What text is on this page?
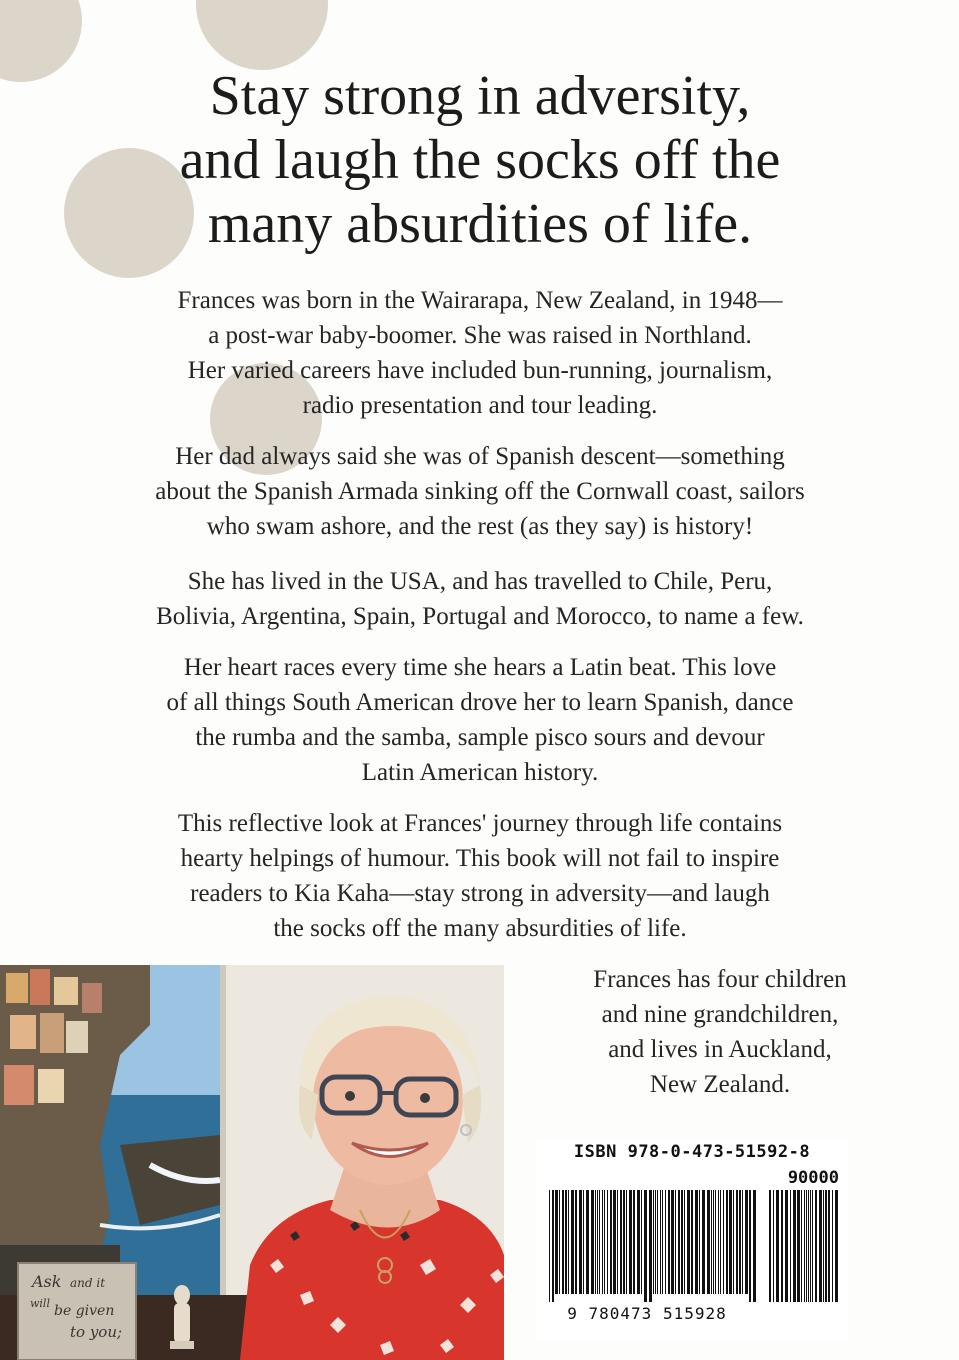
Stay strong in adversity,
and laugh the socks off the
many absurdities of life.
Frances was born in the Wairarapa, New Zealand, in 1948—
a post-war baby-boomer. She was raised in Northland.
Her varied careers have included bun-running, journalism,
radio presentation and tour leading.
Her dad always said she was of Spanish descent—something
about the Spanish Armada sinking off the Cornwall coast, sailors
who swam ashore, and the rest (as they say) is history!
She has lived in the USA, and has travelled to Chile, Peru,
Bolivia, Argentina, Spain, Portugal and Morocco, to name a few.
Her heart races every time she hears a Latin beat. This love
of all things South American drove her to learn Spanish, dance
the rumba and the samba, sample pisco sours and devour
Latin American history.
This reflective look at Frances' journey through life contains
hearty helpings of humour. This book will not fail to inspire
readers to Kia Kaha—stay strong in adversity—and laugh
the socks off the many absurdities of life.
Frances has four children
and nine grandchildren,
and lives in Auckland,
New Zealand.
Ask and it
will be given
to you;
ISBN 978-0-473-51592-8
90000
9 780473 515928
